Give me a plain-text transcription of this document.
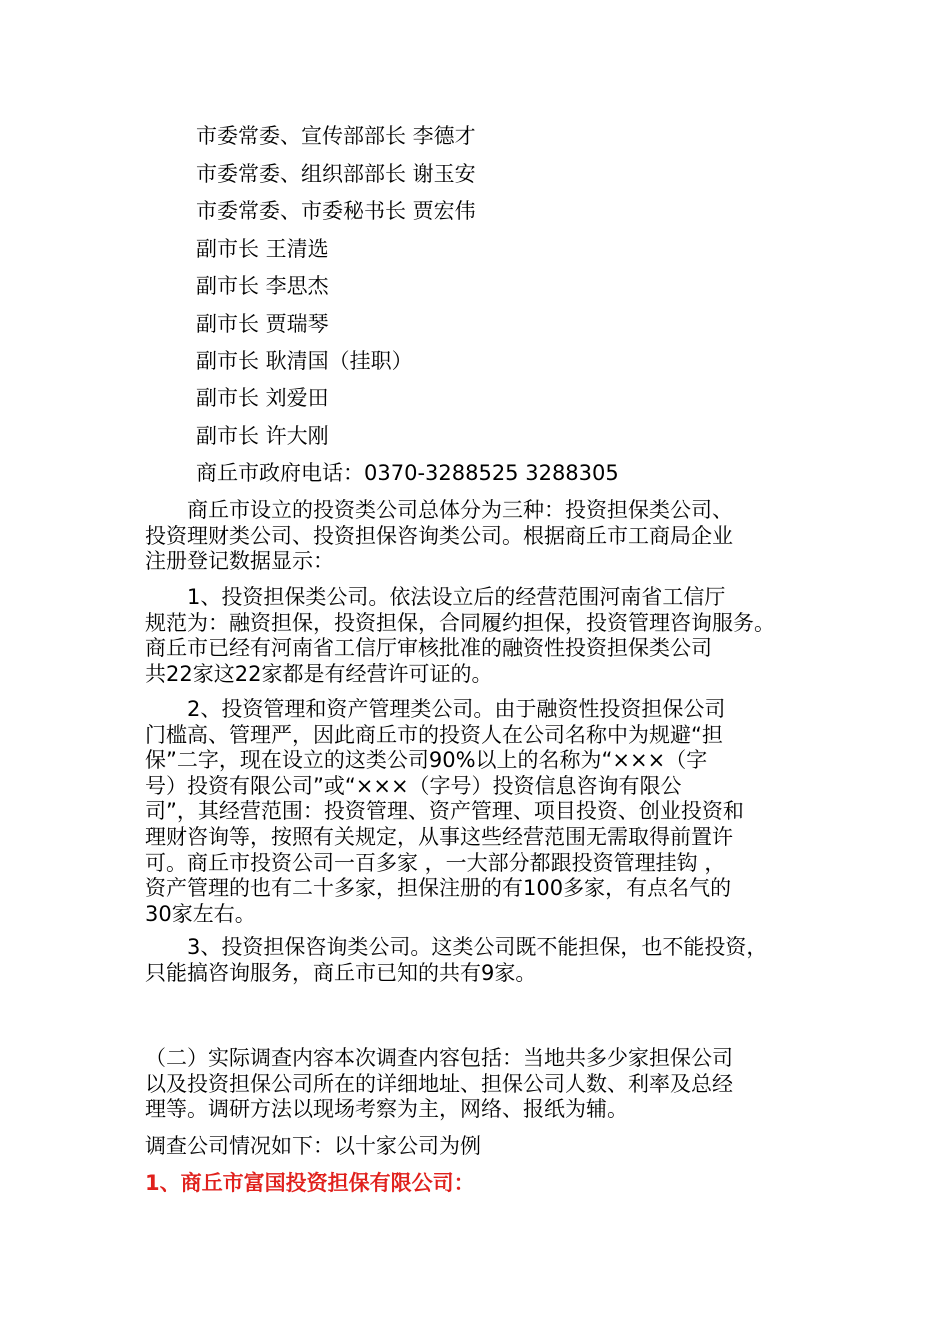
市委常委、宣传部部长 李德才
市委常委、组织部部长 谢玉安
市委常委、市委秘书长 贾宏伟
副市长 王清选
副市长 李思杰
副市长 贾瑞琴
副市长 耿清国（挂职）
副市长 刘爱田
副市长 许大刚
商丘市政府电话：0370-3288525 3288305

　　商丘市设立的投资类公司总体分为三种：投资担保类公司、

投资理财类公司、投资担保咨询类公司。根据商丘市工商局企业

注册登记数据显示：

　　1、投资担保类公司。依法设立后的经营范围河南省工信厅

规范为：融资担保，投资担保，合同履约担保，投资管理咨询服务。

商丘市已经有河南省工信厅审核批准的融资性投资担保类公司

共22家这22家都是有经营许可证的。

　　2、投资管理和资产管理类公司。由于融资性投资担保公司

门槛高、管理严，因此商丘市的投资人在公司名称中为规避“担

保”二字，现在设立的这类公司90%以上的名称为“×××（字

号）投资有限公司”或“×××（字号）投资信息咨询有限公

司”，其经营范围：投资管理、资产管理、项目投资、创业投资和

理财咨询等，按照有关规定，从事这些经营范围无需取得前置许

可。商丘市投资公司一百多家 ，一大部分都跟投资管理挂钩 ，

资产管理的也有二十多家，担保注册的有100多家，有点名气的

30家左右。

　　3、投资担保咨询类公司。这类公司既不能担保，也不能投资，

只能搞咨询服务，商丘市已知的共有9家。

（二）实际调查内容本次调查内容包括：当地共多少家担保公司

以及投资担保公司所在的详细地址、担保公司人数、利率及总经

理等。调研方法以现场考察为主，网络、报纸为辅。

调查公司情况如下：以十家公司为例
1、商丘市富国投资担保有限公司：
